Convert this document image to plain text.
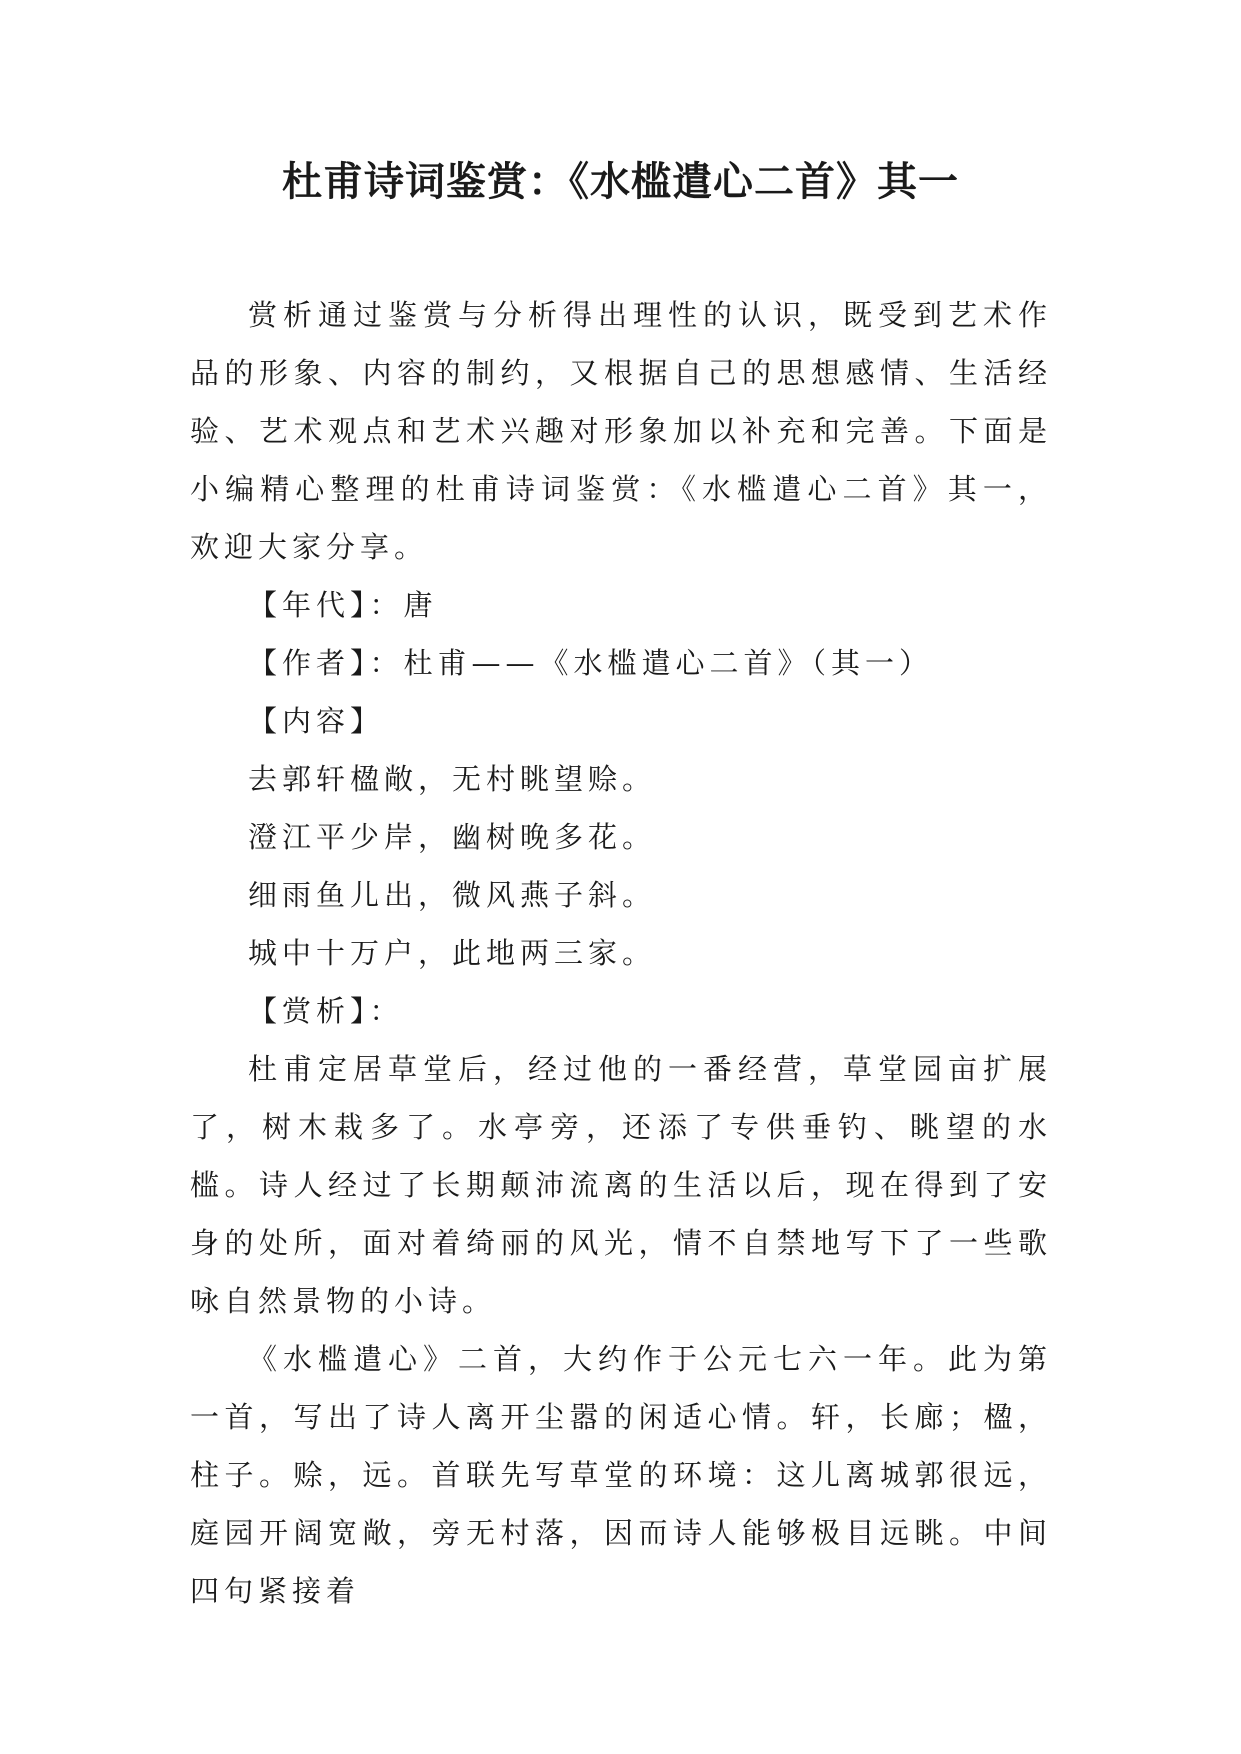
杜甫诗词鉴赏：《水槛遣心二首》其一

赏析通过鉴赏与分析得出理性的认识，既受到艺术作品的形象、内容的制约，又根据自己的思想感情、生活经验、艺术观点和艺术兴趣对形象加以补充和完善。下面是小编精心整理的杜甫诗词鉴赏：《水槛遣心二首》其一，欢迎大家分享。

【年代】：唐

【作者】：杜甫——《水槛遣心二首》（其一）

【内容】

去郭轩楹敞，无村眺望赊。

澄江平少岸，幽树晚多花。

细雨鱼儿出，微风燕子斜。

城中十万户，此地两三家。

【赏析】：

杜甫定居草堂后，经过他的一番经营，草堂园亩扩展了，树木栽多了。水亭旁，还添了专供垂钓、眺望的水槛。诗人经过了长期颠沛流离的生活以后，现在得到了安身的处所，面对着绮丽的风光，情不自禁地写下了一些歌咏自然景物的小诗。

《水槛遣心》二首，大约作于公元七六一年。此为第一首，写出了诗人离开尘嚣的闲适心情。轩，长廊；楹，柱子。赊，远。首联先写草堂的环境：这儿离城郭很远，庭园开阔宽敞，旁无村落，因而诗人能够极目远眺。中间四句紧接着
